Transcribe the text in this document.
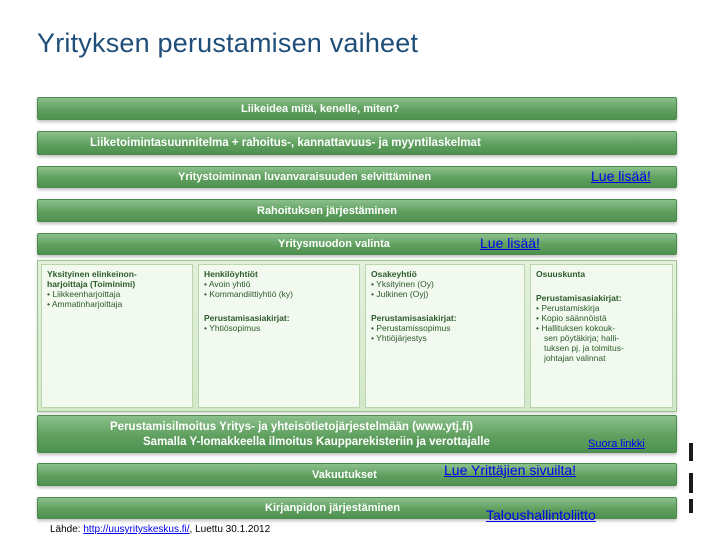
Yrityksen perustamisen vaiheet
Liikeidea mitä, kenelle, miten?
Liiketoimintasuunnitelma + rahoitus-, kannattavuus- ja myyntilaskelmat
Yritystoiminnan luvanvaraisuuden selvittäminen	Lue lisää!
Rahoituksen järjestäminen
Yritysmuodon valinta	Lue lisää!
Yksityinen elinkeinon-
harjoittaja (Toiminimi)
• Liikkeenharjoittaja
• Ammatinharjoittaja
Henkilöyhtiöt
• Avoin yhtiö
• Kommandiittiyhtiö (ky)
Perustamisasiakirjat:
• Yhtiösopimus
Osakeyhtiö
• Yksityinen (Oy)
• Julkinen (Oyj)
Perustamisasiakirjat:
• Perustamissopimus
• Yhtiöjärjestys
Osuuskunta
Perustamisasiakirjat:
• Perustamiskirja
• Kopio säännöistä
• Hallituksen kokouk-
sen pöytäkirja; halli-
tuksen pj. ja toimitus-
johtajan valinnat
Perustamisilmoitus Yritys- ja yhteisötietojärjestelmään (www.ytj.fi)
Samalla Y-lomakkeella ilmoitus Kaupparekisteriin ja verottajalle	Suora linkki
Vakuutukset	Lue Yrittäjien sivuilta!
Kirjanpidon järjestäminen	Taloushallintoliitto
Lähde: http://uusyrityskeskus.fi/, Luettu 30.1.2012
